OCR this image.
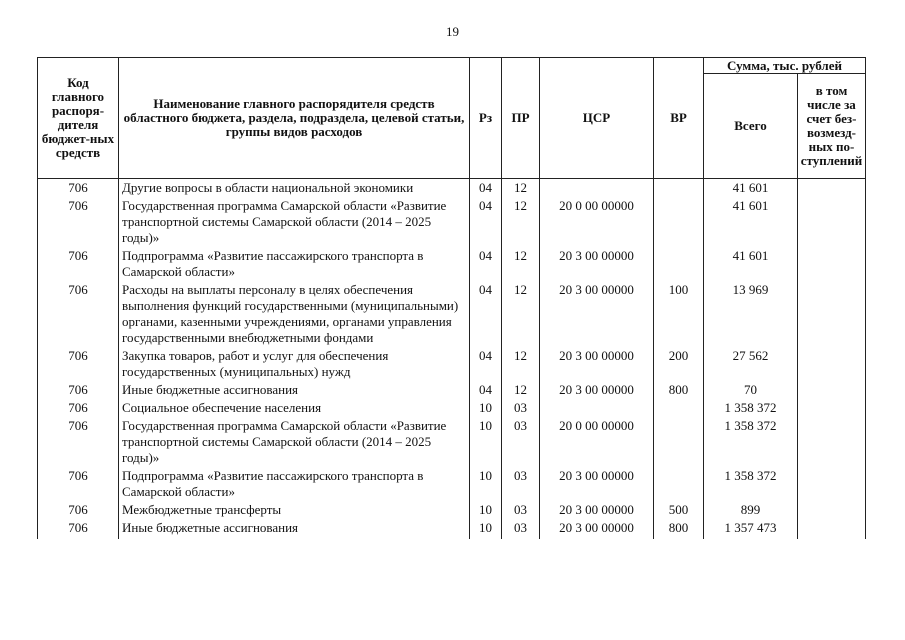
19
Код главного распоря-дителя бюджет-ных средств	Наименование главного распорядителя средств областного бюджета, раздела, подраздела, целевой статьи, группы видов расходов	Рз	ПР	ЦСР	ВР	Сумма, тыс. рублей	
						Всего	в том числе за счет без-возмезд-ных по-ступлений
706	Другие вопросы в области национальной экономики	04	12			41 601	
706	Государственная программа Самарской области «Развитие транспортной системы Самарской области (2014 – 2025 годы)»	04	12	20 0 00 00000		41 601	
706	Подпрограмма «Развитие пассажирского транспорта в Самарской области»	04	12	20 3 00 00000		41 601	
706	Расходы на выплаты персоналу в целях обеспечения выполнения функций государственными (муниципальными) органами, казенными учреждениями, органами управления государственными внебюджетными фондами	04	12	20 3 00 00000	100	13 969	
706	Закупка товаров, работ и услуг для обеспечения государственных (муниципальных) нужд	04	12	20 3 00 00000	200	27 562	
706	Иные бюджетные ассигнования	04	12	20 3 00 00000	800	70	
706	Социальное обеспечение населения	10	03			1 358 372	
706	Государственная программа Самарской области «Развитие транспортной системы Самарской области (2014 – 2025 годы)»	10	03	20 0 00 00000		1 358 372	
706	Подпрограмма «Развитие пассажирского транспорта в Самарской области»	10	03	20 3 00 00000		1 358 372	
706	Межбюджетные трансферты	10	03	20 3 00 00000	500	899	
706	Иные бюджетные ассигнования	10	03	20 3 00 00000	800	1 357 473	
